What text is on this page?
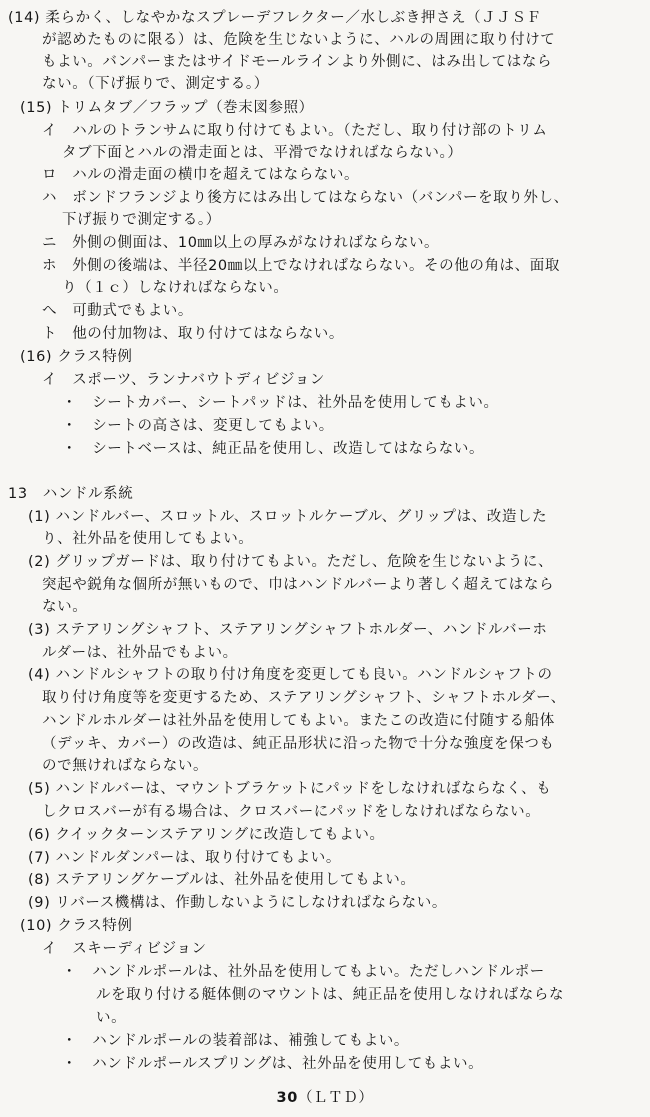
(14) 柔らかく、しなやかなスプレーデフレクター／水しぶき押さえ（ＪＪＳＦ
が認めたものに限る）は、危険を生じないように、ハルの周囲に取り付けて
もよい。バンパーまたはサイドモールラインより外側に、はみ出してはなら
ない。（下げ振りで、測定する。）
(15) トリムタブ／フラップ（巻末図参照）
イ　ハルのトランサムに取り付けてもよい。（ただし、取り付け部のトリム
タブ下面とハルの滑走面とは、平滑でなければならない。）
ロ　ハルの滑走面の横巾を超えてはならない。
ハ　ボンドフランジより後方にはみ出してはならない（バンパーを取り外し、
下げ振りで測定する。）
ニ　外側の側面は、10㎜以上の厚みがなければならない。
ホ　外側の後端は、半径20㎜以上でなければならない。その他の角は、面取
り（１ｃ）しなければならない。
へ　可動式でもよい。
ト　他の付加物は、取り付けてはならない。
(16) クラス特例
イ　スポーツ、ランナバウトディビジョン
・　シートカバー、シートパッドは、社外品を使用してもよい。
・　シートの高さは、変更してもよい。
・　シートベースは、純正品を使用し、改造してはならない。
13　ハンドル系統
(1) ハンドルバー、スロットル、スロットルケーブル、グリップは、改造した
り、社外品を使用してもよい。
(2) グリップガードは、取り付けてもよい。ただし、危険を生じないように、
突起や鋭角な個所が無いもので、巾はハンドルバーより著しく超えてはなら
ない。
(3) ステアリングシャフト、ステアリングシャフトホルダー、ハンドルバーホ
ルダーは、社外品でもよい。
(4) ハンドルシャフトの取り付け角度を変更しても良い。ハンドルシャフトの
取り付け角度等を変更するため、ステアリングシャフト、シャフトホルダー、
ハンドルホルダーは社外品を使用してもよい。またこの改造に付随する船体
（デッキ、カバー）の改造は、純正品形状に沿った物で十分な強度を保つも
ので無ければならない。
(5) ハンドルバーは、マウントブラケットにパッドをしなければならなく、も
しクロスバーが有る場合は、クロスバーにパッドをしなければならない。
(6) クイックターンステアリングに改造してもよい。
(7) ハンドルダンパーは、取り付けてもよい。
(8) ステアリングケーブルは、社外品を使用してもよい。
(9) リバース機構は、作動しないようにしなければならない。
(10) クラス特例
イ　スキーディビジョン
・　ハンドルポールは、社外品を使用してもよい。ただしハンドルポー
ルを取り付ける艇体側のマウントは、純正品を使用しなければならな
い。
・　ハンドルポールの装着部は、補強してもよい。
・　ハンドルポールスプリングは、社外品を使用してもよい。
30（ＬＴＤ）
